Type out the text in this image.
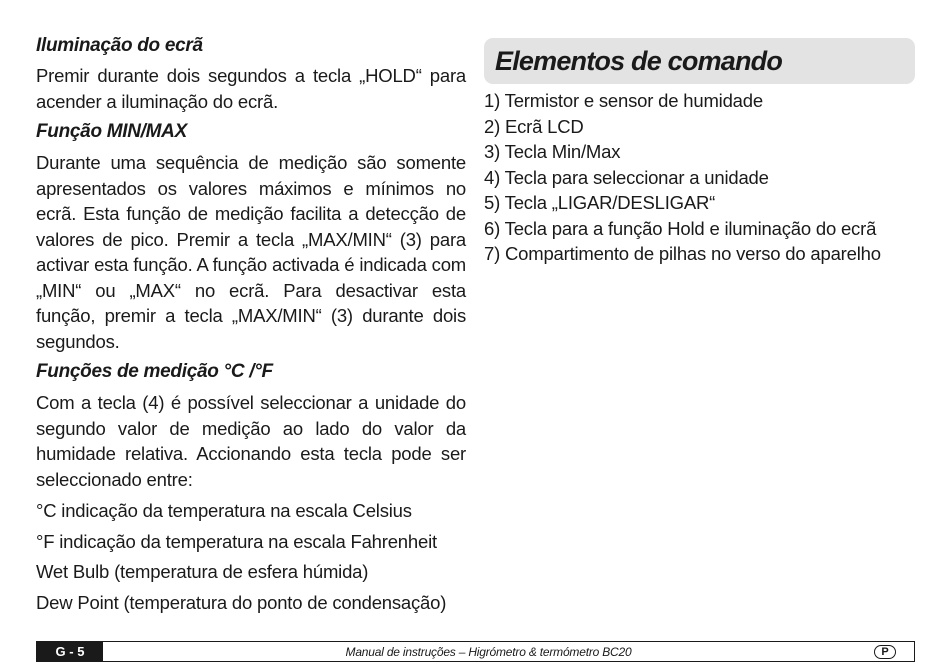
Iluminação do ecrã

Premir durante dois segundos a tecla „HOLD“ para acender a iluminação do ecrã.

Função MIN/MAX

Durante uma sequência de medição são somente apresentados os valores máximos e mínimos no ecrã. Esta função de medição facilita a detecção de valores de pico. Premir a tecla „MAX/MIN“ (3) para activar esta função. A função activada é indicada com „MIN“ ou „MAX“ no ecrã. Para desactivar esta função, premir a tecla „MAX/MIN“ (3) durante dois segundos.

Funções de medição °C /°F

Com a tecla (4) é possível seleccionar a unidade do segundo valor de medição ao lado do valor da humidade relativa. Accionando esta tecla pode ser seleccionado entre:

°C indicação da temperatura na escala Celsius

°F indicação da temperatura na escala Fahrenheit

Wet Bulb (temperatura de esfera húmida)

Dew Point (temperatura do ponto de condensação)

Elementos de comando
1) Termistor e sensor de humidade
2) Ecrã LCD
3) Tecla Min/Max
4) Tecla para seleccionar a unidade
5) Tecla „LIGAR/DESLIGAR“
6) Tecla para a função Hold e iluminação do ecrã
7) Compartimento de pilhas no verso do aparelho
G - 5	Manual de instruções – Higrómetro & termómetro BC20	P
